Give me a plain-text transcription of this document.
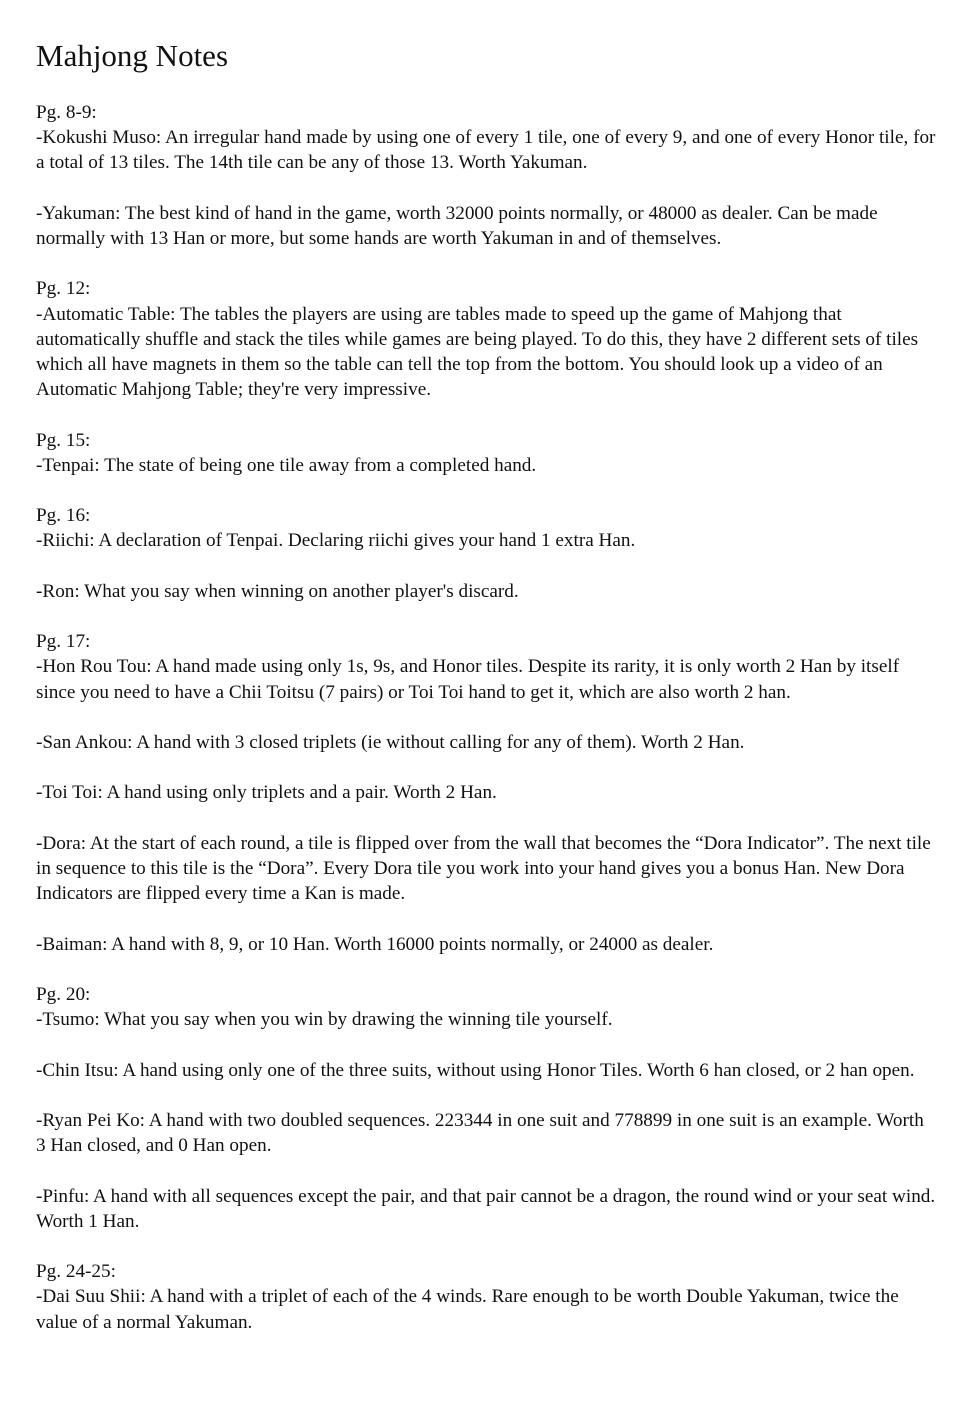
Mahjong Notes

Pg. 8-9:

-Kokushi Muso: An irregular hand made by using one of every 1 tile, one of every 9, and one of every Honor tile, for a total of 13 tiles. The 14th tile can be any of those 13. Worth Yakuman.

-Yakuman: The best kind of hand in the game, worth 32000 points normally, or 48000 as dealer. Can be made normally with 13 Han or more, but some hands are worth Yakuman in and of themselves.

Pg. 12:

-Automatic Table: The tables the players are using are tables made to speed up the game of Mahjong that automatically shuffle and stack the tiles while games are being played. To do this, they have 2 different sets of tiles which all have magnets in them so the table can tell the top from the bottom. You should look up a video of an Automatic Mahjong Table; they're very impressive.

Pg. 15:

-Tenpai: The state of being one tile away from a completed hand.

Pg. 16:

-Riichi: A declaration of Tenpai. Declaring riichi gives your hand 1 extra Han.

-Ron: What you say when winning on another player's discard.

Pg. 17:

-Hon Rou Tou: A hand made using only 1s, 9s, and Honor tiles. Despite its rarity, it is only worth 2 Han by itself since you need to have a Chii Toitsu (7 pairs) or Toi Toi hand to get it, which are also worth 2 han.

-San Ankou: A hand with 3 closed triplets (ie without calling for any of them). Worth 2 Han.

-Toi Toi: A hand using only triplets and a pair. Worth 2 Han.

-Dora: At the start of each round, a tile is flipped over from the wall that becomes the “Dora Indicator”. The next tile in sequence to this tile is the “Dora”. Every Dora tile you work into your hand gives you a bonus Han. New Dora Indicators are flipped every time a Kan is made.

-Baiman: A hand with 8, 9, or 10 Han. Worth 16000 points normally, or 24000 as dealer.

Pg. 20:

-Tsumo: What you say when you win by drawing the winning tile yourself.

-Chin Itsu: A hand using only one of the three suits, without using Honor Tiles. Worth 6 han closed, or 2 han open.

-Ryan Pei Ko: A hand with two doubled sequences. 223344 in one suit and 778899 in one suit is an example. Worth 3 Han closed, and 0 Han open.

-Pinfu: A hand with all sequences except the pair, and that pair cannot be a dragon, the round wind or your seat wind. Worth 1 Han.

Pg. 24-25:

-Dai Suu Shii: A hand with a triplet of each of the 4 winds. Rare enough to be worth Double Yakuman, twice the value of a normal Yakuman.
